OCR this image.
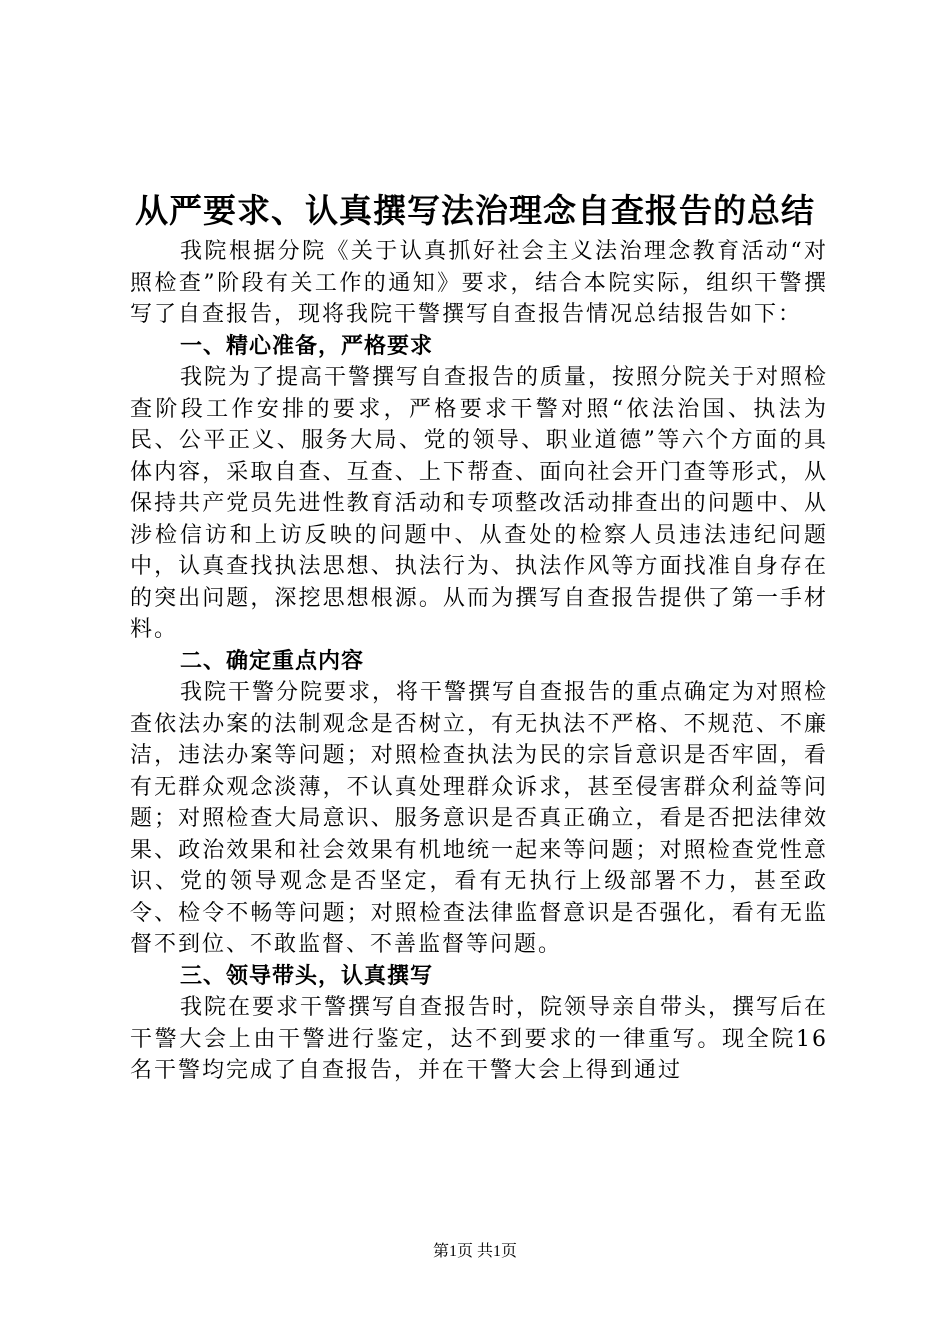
从严要求、认真撰写法治理念自查报告的总结

我院根据分院《关于认真抓好社会主义法治理念教育活动“对照检查”阶段有关工作的通知》要求，结合本院实际，组织干警撰写了自查报告，现将我院干警撰写自查报告情况总结报告如下：

一、精心准备，严格要求

我院为了提高干警撰写自查报告的质量，按照分院关于对照检查阶段工作安排的要求，严格要求干警对照“依法治国、执法为民、公平正义、服务大局、党的领导、职业道德”等六个方面的具体内容，采取自查、互查、上下帮查、面向社会开门查等形式，从保持共产党员先进性教育活动和专项整改活动排查出的问题中、从涉检信访和上访反映的问题中、从查处的检察人员违法违纪问题中，认真查找执法思想、执法行为、执法作风等方面找准自身存在的突出问题，深挖思想根源。从而为撰写自查报告提供了第一手材料。

二、确定重点内容

我院干警分院要求，将干警撰写自查报告的重点确定为对照检查依法办案的法制观念是否树立，有无执法不严格、不规范、不廉洁，违法办案等问题；对照检查执法为民的宗旨意识是否牢固，看有无群众观念淡薄，不认真处理群众诉求，甚至侵害群众利益等问题；对照检查大局意识、服务意识是否真正确立，看是否把法律效果、政治效果和社会效果有机地统一起来等问题；对照检查党性意识、党的领导观念是否坚定，看有无执行上级部署不力，甚至政令、检令不畅等问题；对照检查法律监督意识是否强化，看有无监督不到位、不敢监督、不善监督等问题。

三、领导带头，认真撰写

我院在要求干警撰写自查报告时，院领导亲自带头，撰写后在干警大会上由干警进行鉴定，达不到要求的一律重写。现全院16名干警均完成了自查报告，并在干警大会上得到通过

第1页 共1页
